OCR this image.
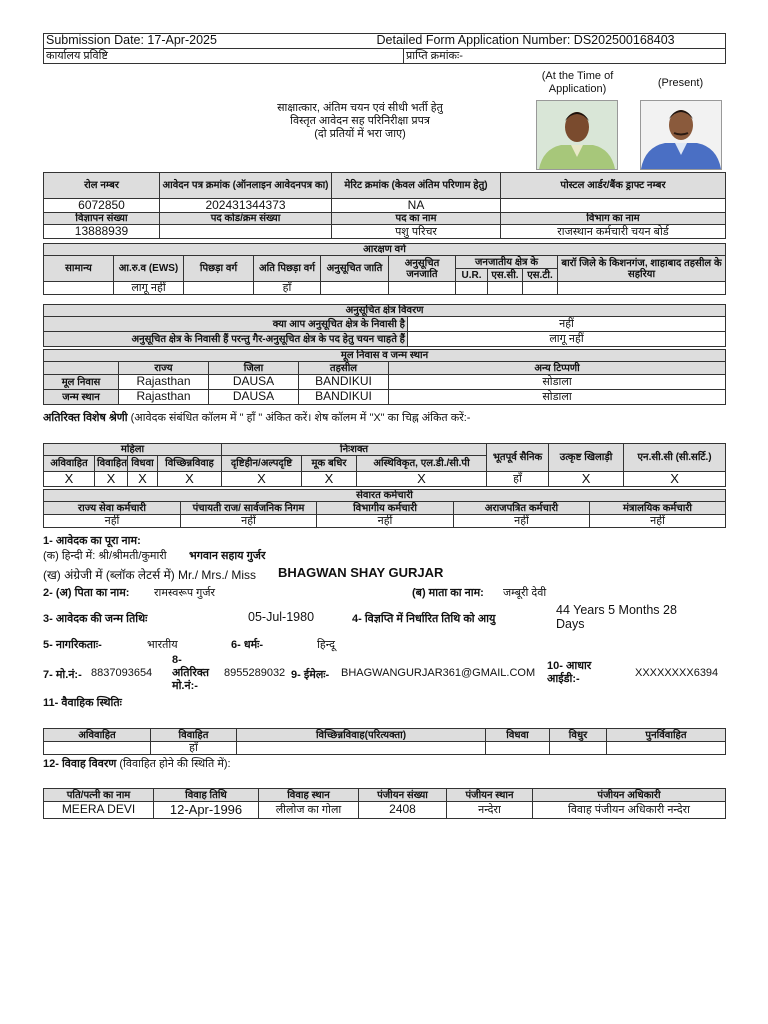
Submission Date: 17-Apr-2025	Detailed Form Application Number: DS202500168403

कार्यालय प्रविष्टि	प्राप्ति क्रमांकः-
साक्षात्कार, अंतिम चयन एवं सीधी भर्ती हेतु
विस्तृत आवेदन सह परिनिरीक्षा प्रपत्र
(दो प्रतियों में भरा जाए)
(At the Time of Application)	(Present)
रोल नम्बर	आवेदन पत्र क्रमांक (ऑनलाइन आवेदनपत्र का)	मेरिट क्रमांक (केवल अंतिम परिणाम हेतु)	पोस्टल आर्डर/बैंक ड्राफ्ट नम्बर
6072850	202431344373	NA	
विज्ञापन संख्या	पद कोड/क्रम संख्या	पद का नाम	विभाग का नाम
13888939		पशु परिचर	राजस्थान कर्मचारी चयन बोर्ड
आरक्षण वर्ग									
सामान्य	आ.रु.व (EWS)	पिछड़ा वर्ग	अति पिछड़ा वर्ग	अनुसूचित जाति	अनुसूचित जनजाति	जनजातीय क्षेत्र के			बारॉ जिले के किशनगंज, शाहाबाद तहसील के सहरिया
						U.R.	एस.सी.	एस.टी.	
	लागू नहीं		हाँ						
अनुसूचित क्षेत्र विवरण	
क्या आप अनुसूचित क्षेत्र के निवासी है	नहीं
अनुसूचित क्षेत्र के निवासी हैं परन्तु गैर-अनुसूचित क्षेत्र के पद हेतु चयन चाहते हैं	लागू नहीं
मूल निवास व जन्म स्थान				
	राज्य	जिला	तहसील	अन्य टिप्पणी
मूल निवास	Rajasthan	DAUSA	BANDIKUI	सोडाला
जन्म स्थान	Rajasthan	DAUSA	BANDIKUI	सोडाला
अतिरिक्त विशेष श्रेणी (आवेदक संबंधित कॉलम में " हाँ " अंकित करें। शेष कॉलम में "X" का चिह्न अंकित करें:-
महिला				निःशक्त			भूतपूर्व सैनिक	उत्कृष्ट खिलाड़ी	एन.सी.सी (सी.सर्टि.)
अविवाहित	विवाहित	विधवा	विच्छिन्नविवाह	दृष्टिहीन/अल्पदृष्टि	मूक बधिर	अस्थिविकृत, एल.डी./सी.पी			
X	X	X	X	X	X	X	हाँ	X	X
सेवारत कर्मचारी				
राज्य सेवा कर्मचारी	पंचायती राज/ सार्वजनिक निगम	विभागीय कर्मचारी	अराजपत्रित कर्मचारी	मंत्रालयिक कर्मचारी
नहीं	नहीं	नहीं	नहीं	नहीं
1- आवेदक का पूरा नाम:
(क) हिन्दी में: श्री/श्रीमती/कुमारी भगवान सहाय गुर्जर
(ख) अंग्रेजी में (ब्लॉक लेटर्स में) Mr./ Mrs./ Miss BHAGWAN SHAY GURJAR
2- (अ) पिता का नाम: रामस्वरूप गुर्जर	(ब) माता का नाम: जम्बूरी देवी
3- आवेदक की जन्म तिथिः	05-Jul-1980	4- विज्ञप्ति में निर्धारित तिथि को आयु
44 Years 5 Months 28 Days
5- नागरिकताः-	भारतीय	6- धर्मः-	हिन्दू
7- मो.नं:- 8837093654
8- अतिरिक्त मो.नं:-
8955289032 9- ईमेलः- BHAGWANGURJAR361@GMAIL.COM
10- आधार आईडी:-	XXXXXXXX6394
11- वैवाहिक स्थितिः
अविवाहित	विवाहित	विच्छिन्नविवाह(परित्यक्ता)	विधवा	विधुर	पुनर्विवाहित
	हाँ				
12- विवाह विवरण (विवाहित होने की स्थिति में):
पति/पत्नी का नाम	विवाह तिथि	विवाह स्थान	पंजीयन संख्या	पंजीयन स्थान	पंजीयन अधिकारी
MEERA DEVI	12-Apr-1996	लीलोज का गोला	2408	नन्देरा	विवाह पंजीयन अधिकारी नन्देरा
